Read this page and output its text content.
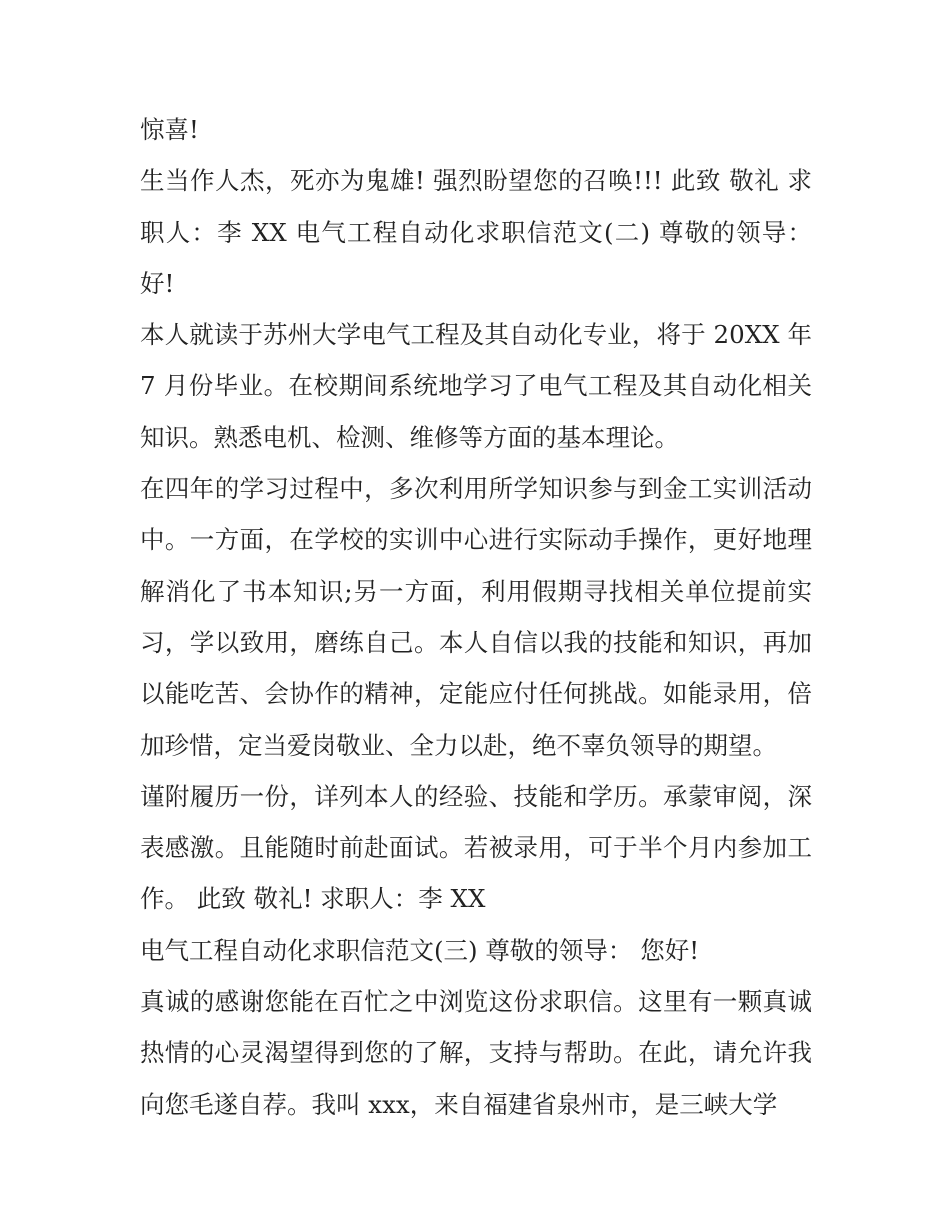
惊喜!
生当作人杰，死亦为鬼雄! 强烈盼望您的召唤!!! 此致 敬礼 求
职人：李 XX 电气工程自动化求职信范文(二) 尊敬的领导：
好!
本人就读于苏州大学电气工程及其自动化专业，将于 20XX 年
7 月份毕业。在校期间系统地学习了电气工程及其自动化相关
知识。熟悉电机、检测、维修等方面的基本理论。
在四年的学习过程中，多次利用所学知识参与到金工实训活动
中。一方面，在学校的实训中心进行实际动手操作，更好地理
解消化了书本知识;另一方面，利用假期寻找相关单位提前实
习，学以致用，磨练自己。本人自信以我的技能和知识，再加
以能吃苦、会协作的精神，定能应付任何挑战。如能录用，倍
加珍惜，定当爱岗敬业、全力以赴，绝不辜负领导的期望。
谨附履历一份，详列本人的经验、技能和学历。承蒙审阅，深
表感激。且能随时前赴面试。若被录用，可于半个月内参加工
作。 此致 敬礼! 求职人：李 XX
电气工程自动化求职信范文(三) 尊敬的领导： 您好!
真诚的感谢您能在百忙之中浏览这份求职信。这里有一颗真诚
热情的心灵渴望得到您的了解，支持与帮助。在此，请允许我
向您毛遂自荐。我叫 xxx，来自福建省泉州市，是三峡大学
